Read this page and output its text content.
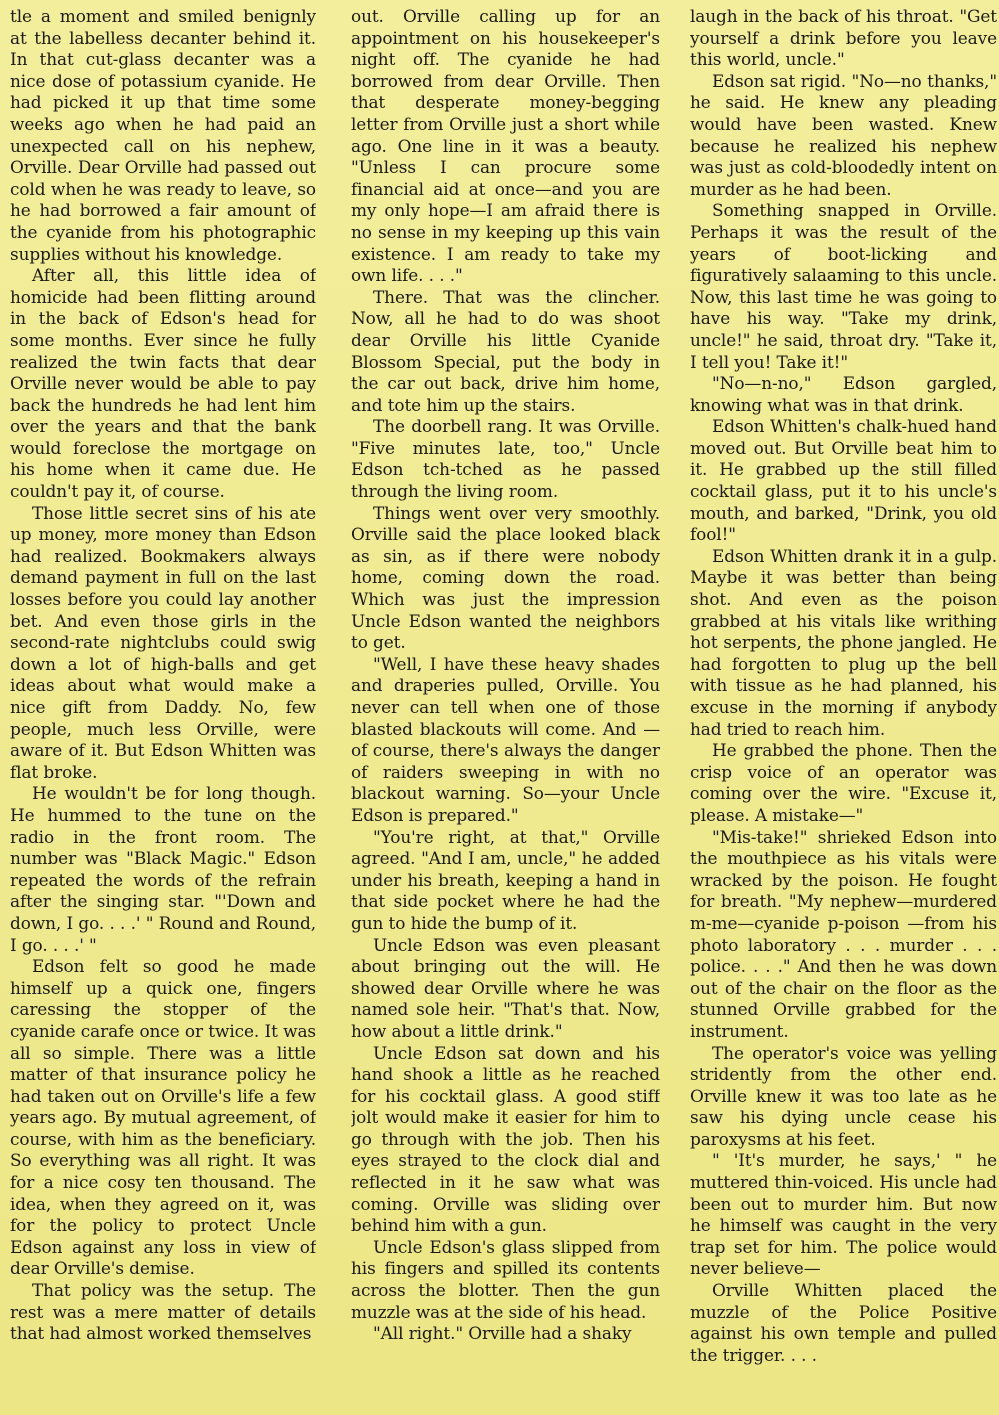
tle a moment and smiled benignly at the labelless decanter behind it. In that cut-glass decanter was a nice dose of potassium cyanide. He had picked it up that time some weeks ago when he had paid an unexpected call on his nephew, Orville. Dear Orville had passed out cold when he was ready to leave, so he had borrowed a fair amount of the cyanide from his photographic supplies without his knowledge.

After all, this little idea of homicide had been flitting around in the back of Edson's head for some months. Ever since he fully realized the twin facts that dear Orville never would be able to pay back the hundreds he had lent him over the years and that the bank would foreclose the mortgage on his home when it came due. He couldn't pay it, of course.

Those little secret sins of his ate up money, more money than Edson had realized. Bookmakers always demand payment in full on the last losses before you could lay another bet. And even those girls in the second-rate nightclubs could swig down a lot of high-balls and get ideas about what would make a nice gift from Daddy. No, few people, much less Orville, were aware of it. But Edson Whitten was flat broke.

He wouldn't be for long though. He hummed to the tune on the radio in the front room. The number was "Black Magic." Edson repeated the words of the refrain after the singing star. "'Down and down, I go. . . .' " Round and Round, I go. . . .' "

Edson felt so good he made himself up a quick one, fingers caressing the stopper of the cyanide carafe once or twice. It was all so simple. There was a little matter of that insurance policy he had taken out on Orville's life a few years ago. By mutual agreement, of course, with him as the beneficiary. So everything was all right. It was for a nice cosy ten thousand. The idea, when they agreed on it, was for the policy to protect Uncle Edson against any loss in view of dear Orville's demise.

That policy was the setup. The rest was a mere matter of details that had almost worked themselves

out. Orville calling up for an appointment on his housekeeper's night off. The cyanide he had borrowed from dear Orville. Then that desperate money-begging letter from Orville just a short while ago. One line in it was a beauty. "Unless I can procure some financial aid at once—and you are my only hope—I am afraid there is no sense in my keeping up this vain existence. I am ready to take my own life. . . ."

There. That was the clincher. Now, all he had to do was shoot dear Orville his little Cyanide Blossom Special, put the body in the car out back, drive him home, and tote him up the stairs.

The doorbell rang. It was Orville. "Five minutes late, too," Uncle Edson tch-tched as he passed through the living room.

Things went over very smoothly. Orville said the place looked black as sin, as if there were nobody home, coming down the road. Which was just the impression Uncle Edson wanted the neighbors to get.

"Well, I have these heavy shades and draperies pulled, Orville. You never can tell when one of those blasted blackouts will come. And —of course, there's always the danger of raiders sweeping in with no blackout warning. So—your Uncle Edson is prepared."

"You're right, at that," Orville agreed. "And I am, uncle," he added under his breath, keeping a hand in that side pocket where he had the gun to hide the bump of it.

Uncle Edson was even pleasant about bringing out the will. He showed dear Orville where he was named sole heir. "That's that. Now, how about a little drink."

Uncle Edson sat down and his hand shook a little as he reached for his cocktail glass. A good stiff jolt would make it easier for him to go through with the job. Then his eyes strayed to the clock dial and reflected in it he saw what was coming. Orville was sliding over behind him with a gun.

Uncle Edson's glass slipped from his fingers and spilled its contents across the blotter. Then the gun muzzle was at the side of his head.

"All right." Orville had a shaky

laugh in the back of his throat. "Get yourself a drink before you leave this world, uncle."

Edson sat rigid. "No—no thanks," he said. He knew any pleading would have been wasted. Knew because he realized his nephew was just as cold-bloodedly intent on murder as he had been.

Something snapped in Orville. Perhaps it was the result of the years of boot-licking and figuratively salaaming to this uncle. Now, this last time he was going to have his way. "Take my drink, uncle!" he said, throat dry. "Take it, I tell you! Take it!"

"No—n-no," Edson gargled, knowing what was in that drink.

Edson Whitten's chalk-hued hand moved out. But Orville beat him to it. He grabbed up the still filled cocktail glass, put it to his uncle's mouth, and barked, "Drink, you old fool!"

Edson Whitten drank it in a gulp. Maybe it was better than being shot. And even as the poison grabbed at his vitals like writhing hot serpents, the phone jangled. He had forgotten to plug up the bell with tissue as he had planned, his excuse in the morning if anybody had tried to reach him.

He grabbed the phone. Then the crisp voice of an operator was coming over the wire. "Excuse it, please. A mistake—"

"Mis-take!" shrieked Edson into the mouthpiece as his vitals were wracked by the poison. He fought for breath. "My nephew—murdered m-me—cyanide p-poison —from his photo laboratory . . . murder . . . police. . . ." And then he was down out of the chair on the floor as the stunned Orville grabbed for the instrument.

The operator's voice was yelling stridently from the other end. Orville knew it was too late as he saw his dying uncle cease his paroxysms at his feet.

" 'It's murder, he says,' " he muttered thin-voiced. His uncle had been out to murder him. But now he himself was caught in the very trap set for him. The police would never believe—

Orville Whitten placed the muzzle of the Police Positive against his own temple and pulled the trigger. . . .
